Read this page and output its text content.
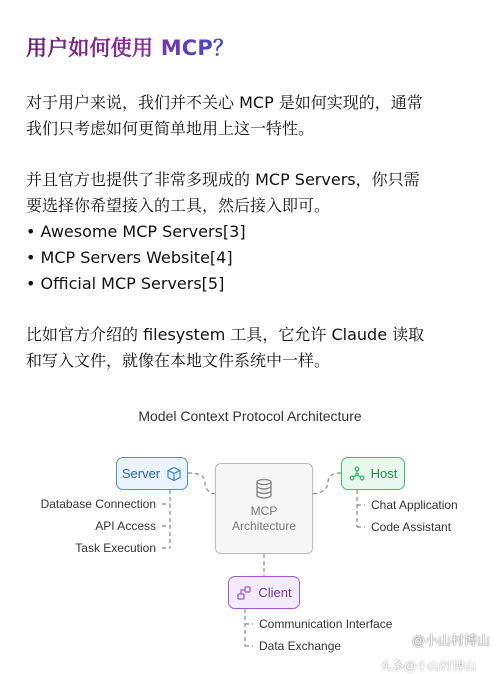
用户如何使用 MCP？
对于用户来说，我们并不关心 MCP 是如何实现的，通常
我们只考虑如何更简单地用上这一特性。
并且官方也提供了非常多现成的 MCP Servers，你只需
要选择你希望接入的工具，然后接入即可。
• Awesome MCP Servers[3]
• MCP Servers Website[4]
• Official MCP Servers[5]
比如官方介绍的 filesystem 工具，它允许 Claude 读取
和写入文件，就像在本地文件系统中一样。
Model Context Protocol Architecture
Server	Host
MCP
Architecture
Client
Database Connection
API Access
Task Execution
Chat Application
Code Assistant
Communication Interface
Data Exchange	@小山村博山
头条@小山村博山
